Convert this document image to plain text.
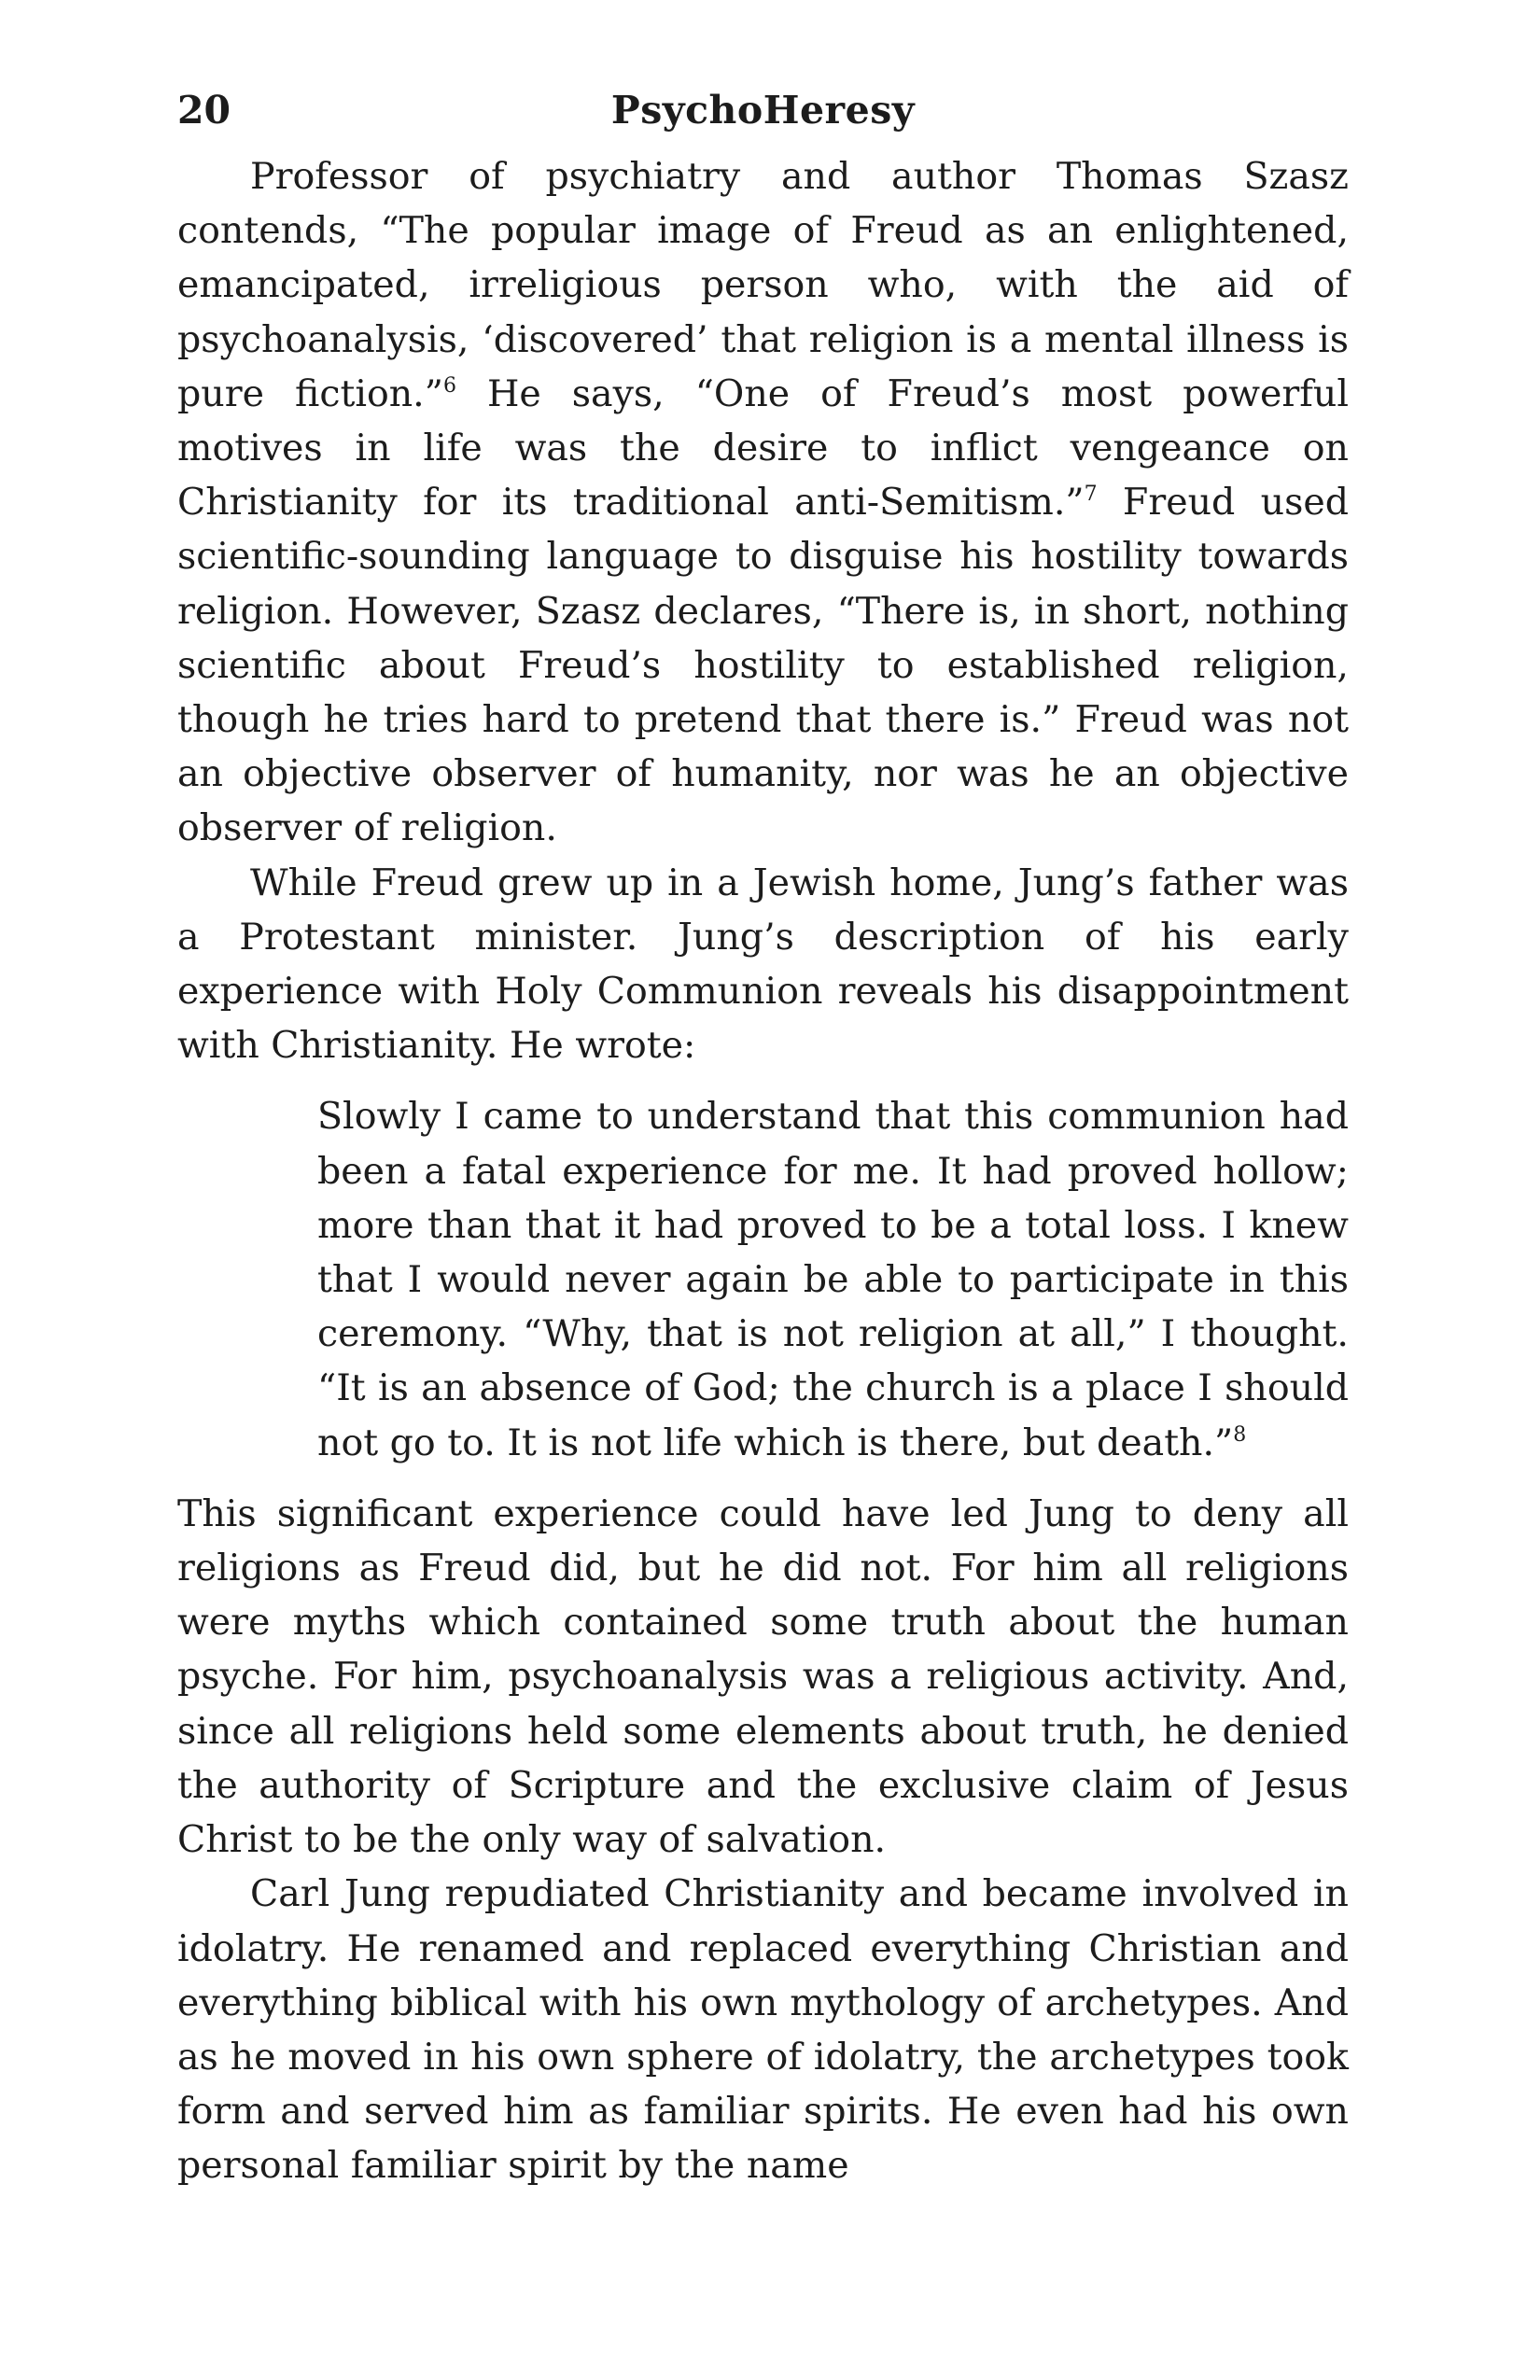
20	PsychoHeresy

Professor of psychiatry and author Thomas Szasz contends, “The popular image of Freud as an enlightened, emancipated, irreligious person who, with the aid of psychoanalysis, ‘discovered’ that religion is a mental illness is pure fiction.”$^6$ He says, “One of Freud’s most powerful motives in life was the desire to inflict vengeance on Christianity for its traditional anti-Semitism.”$^7$ Freud used scientific-sounding language to disguise his hostility towards religion. However, Szasz declares, “There is, in short, nothing scientific about Freud’s hostility to established religion, though he tries hard to pretend that there is.” Freud was not an objective observer of humanity, nor was he an objective observer of religion.

While Freud grew up in a Jewish home, Jung’s father was a Protestant minister. Jung’s description of his early experience with Holy Communion reveals his disappointment with Christianity. He wrote:

Slowly I came to understand that this communion had been a fatal experience for me. It had proved hollow; more than that it had proved to be a total loss. I knew that I would never again be able to participate in this ceremony. “Why, that is not religion at all,” I thought. “It is an absence of God; the church is a place I should not go to. It is not life which is there, but death.”$^8$

This significant experience could have led Jung to deny all religions as Freud did, but he did not. For him all religions were myths which contained some truth about the human psyche. For him, psychoanalysis was a religious activity. And, since all religions held some elements about truth, he denied the authority of Scripture and the exclusive claim of Jesus Christ to be the only way of salvation.

Carl Jung repudiated Christianity and became involved in idolatry. He renamed and replaced everything Christian and everything biblical with his own mythology of archetypes. And as he moved in his own sphere of idolatry, the archetypes took form and served him as familiar spirits. He even had his own personal familiar spirit by the name
